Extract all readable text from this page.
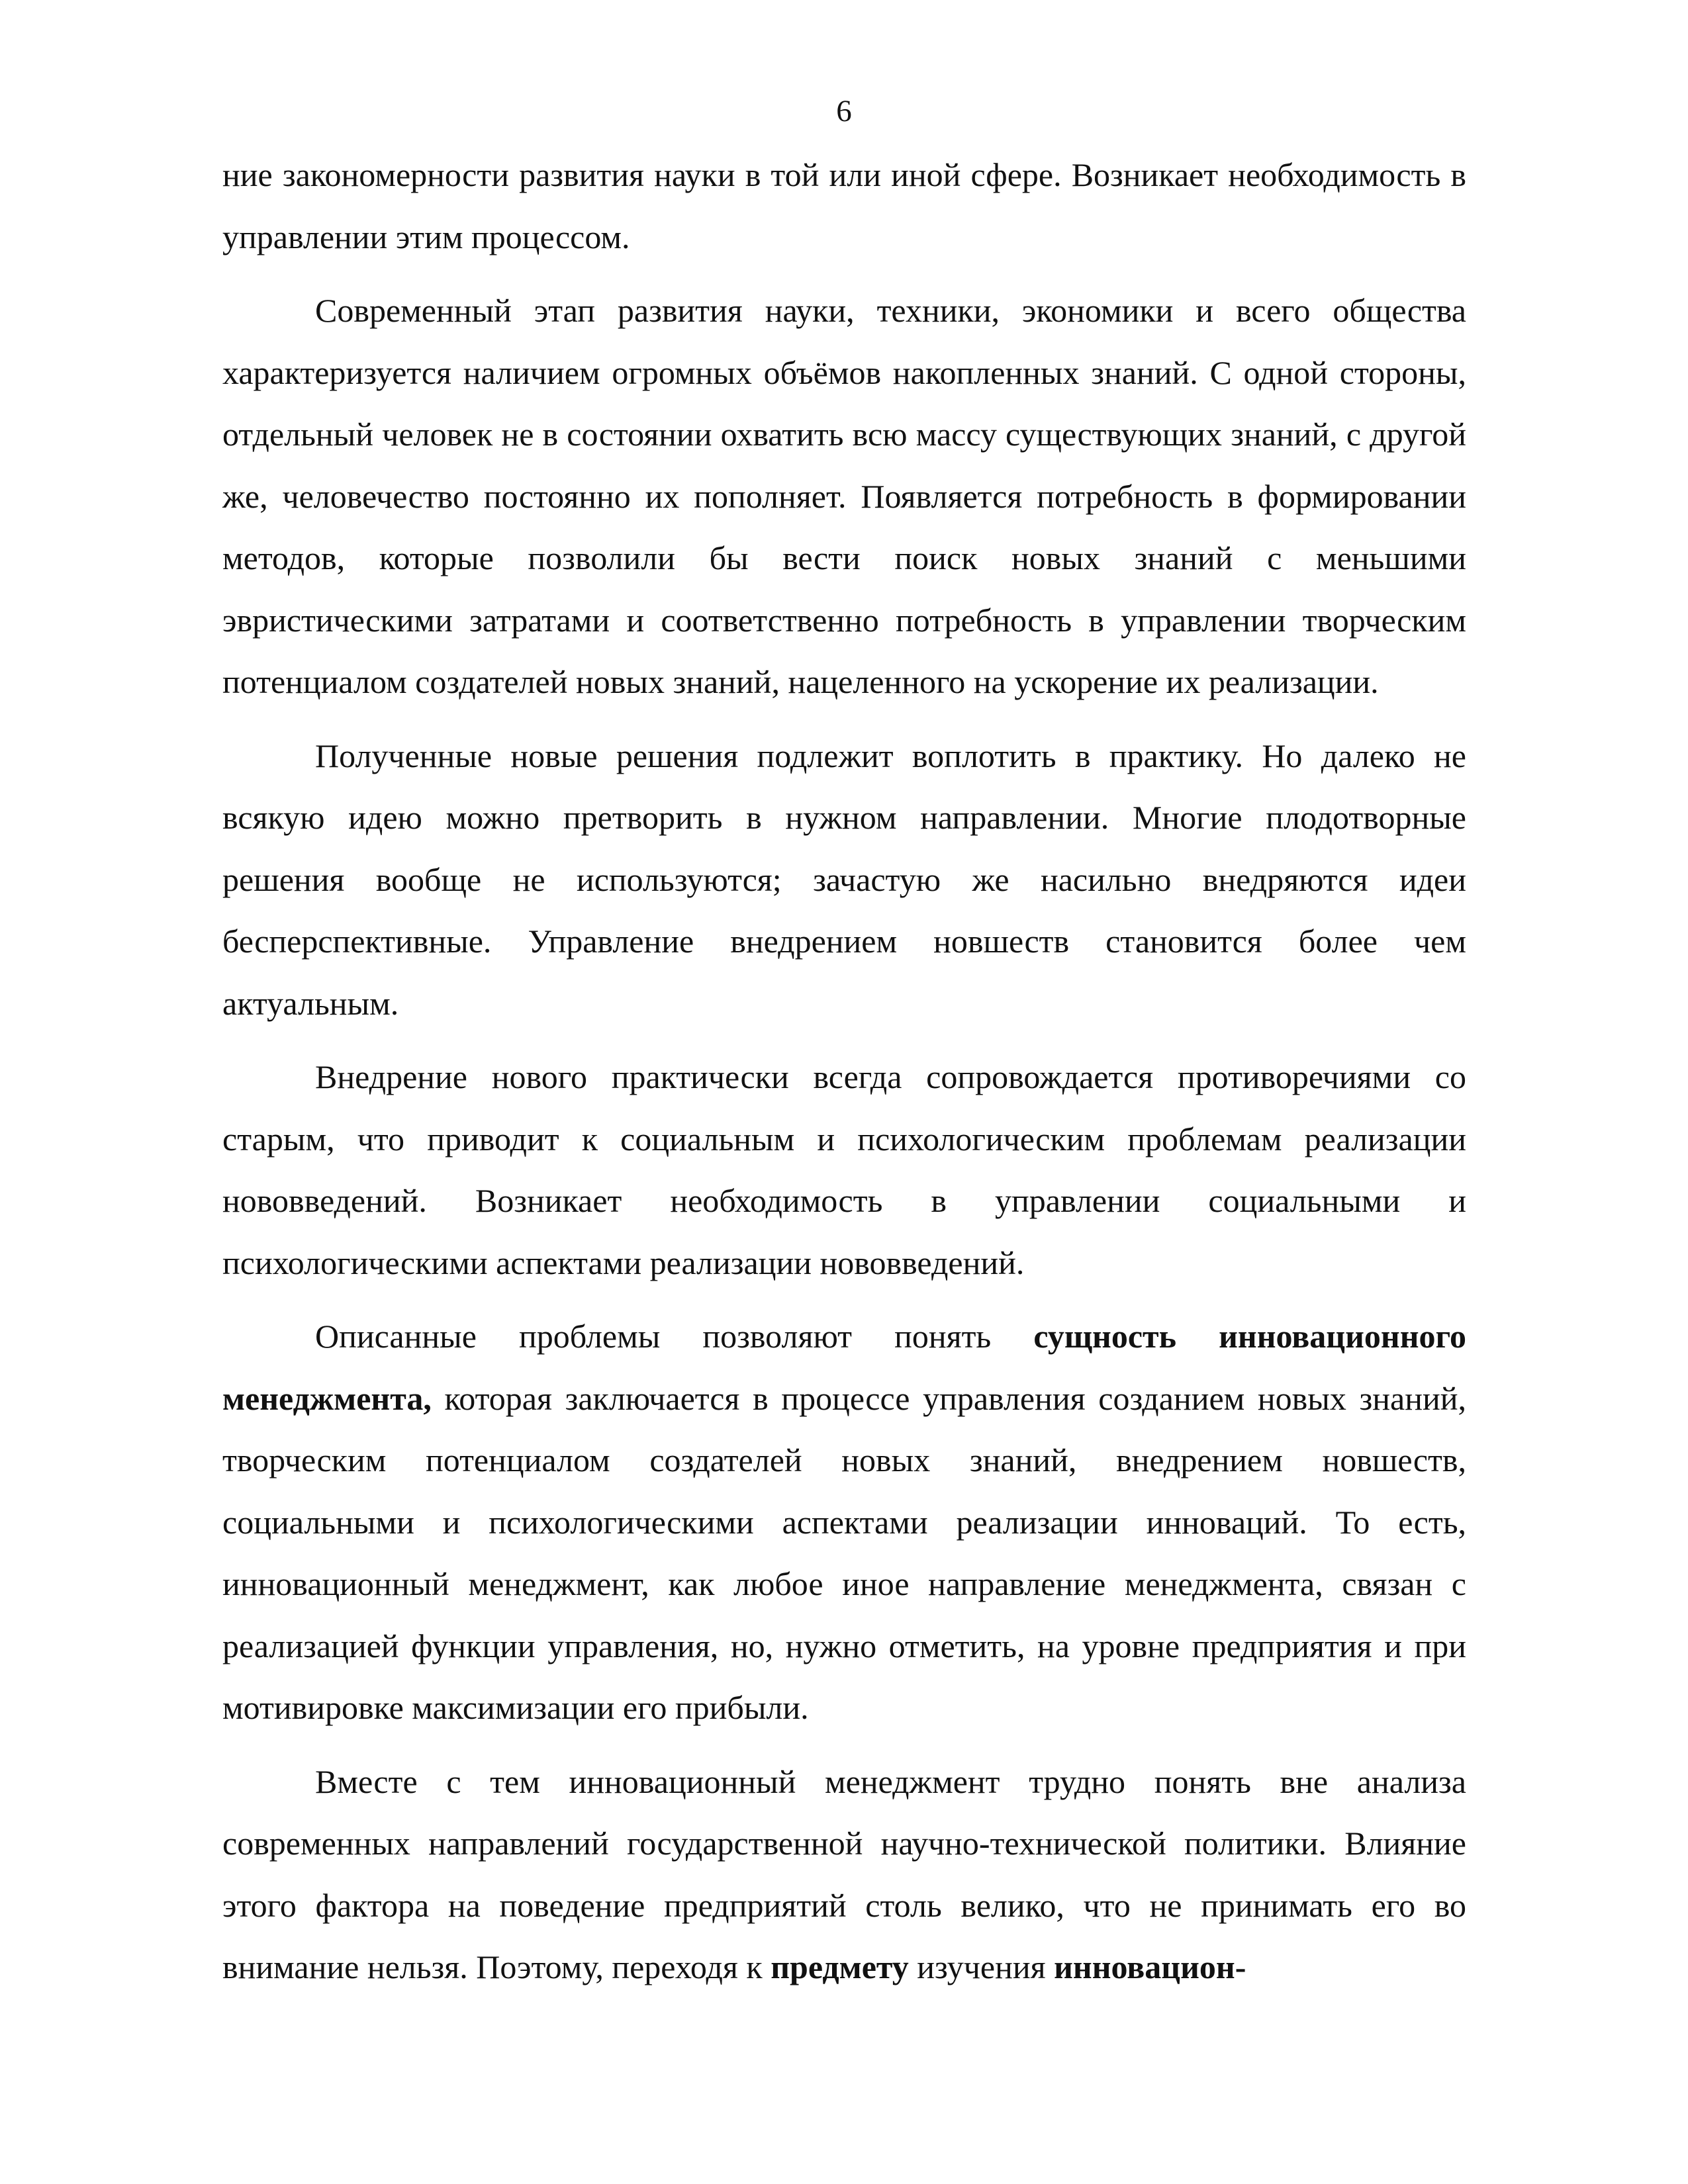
6

ние закономерности развития науки в той или иной сфере. Возникает необходимость в управлении этим процессом.

Современный этап развития науки, техники, экономики и всего общества характеризуется наличием огромных объёмов накопленных знаний. С одной стороны, отдельный человек не в состоянии охватить всю массу существующих знаний, с другой же, человечество постоянно их пополняет. Появляется потребность в формировании методов, которые позволили бы вести поиск новых знаний с меньшими эвристическими затратами и соответственно потребность в управлении творческим потенциалом создателей новых знаний, нацеленного на ускорение их реализации.

Полученные новые решения подлежит воплотить в практику. Но далеко не всякую идею можно претворить в нужном направлении. Многие плодотворные решения вообще не используются; зачастую же насильно внедряются идеи бесперспективные. Управление внедрением новшеств становится более чем актуальным.

Внедрение нового практически всегда сопровождается противоречиями со старым, что приводит к социальным и психологическим проблемам реализации нововведений. Возникает необходимость в управлении социальными и психологическими аспектами реализации нововведений.

Описанные проблемы позволяют понять сущность инновационного менеджмента, которая заключается в процессе управления созданием новых знаний, творческим потенциалом создателей новых знаний, внедрением новшеств, социальными и психологическими аспектами реализации инноваций. То есть, инновационный менеджмент, как любое иное направление менеджмента, связан с реализацией функции управления, но, нужно отметить, на уровне предприятия и при мотивировке максимизации его прибыли.

Вместе с тем инновационный менеджмент трудно понять вне анализа современных направлений государственной научно-технической политики. Влияние этого фактора на поведение предприятий столь велико, что не принимать его во внимание нельзя. Поэтому, переходя к предмету изучения инновацион-
